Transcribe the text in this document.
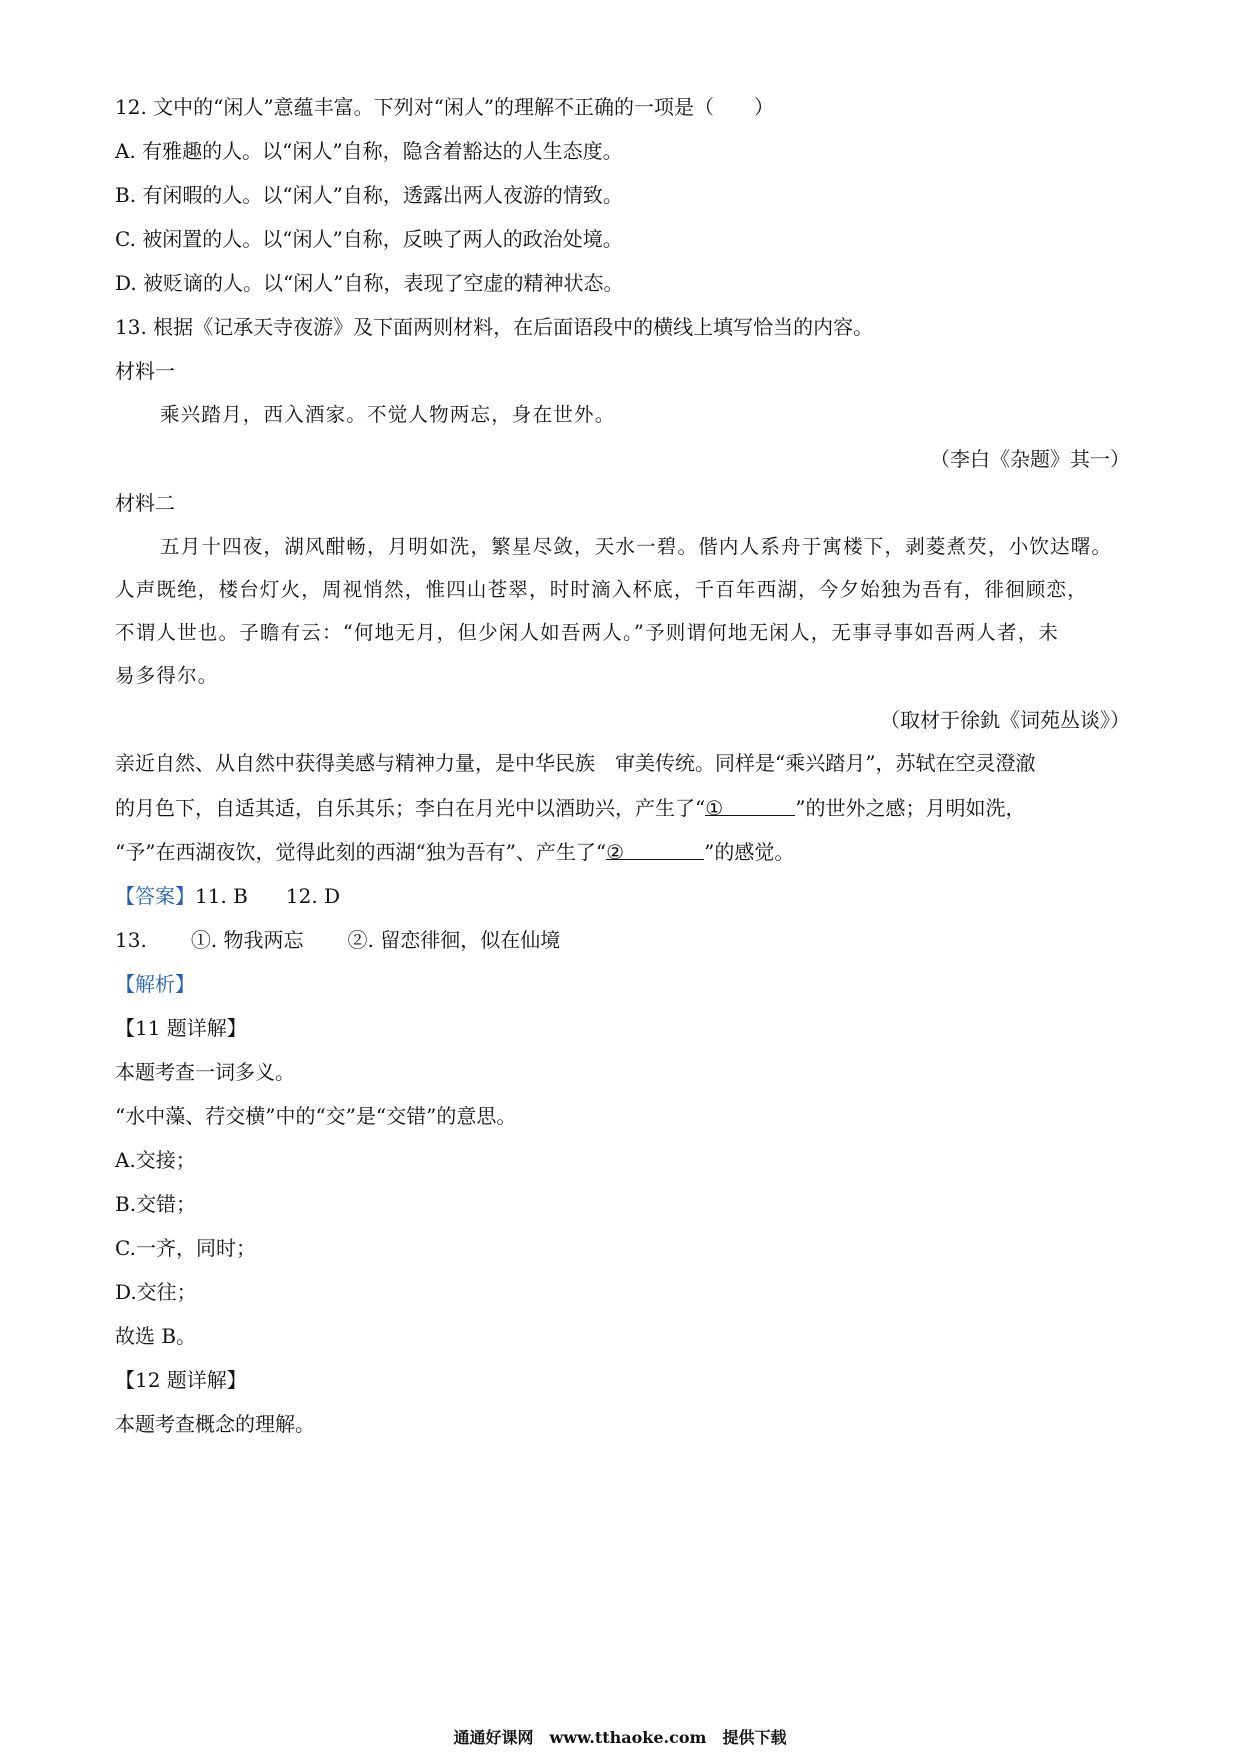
12. 文中的“闲人”意蕴丰富。下列对“闲人”的理解不正确的一项是（　　）
A. 有雅趣的人。以“闲人”自称，隐含着豁达的人生态度。
B. 有闲暇的人。以“闲人”自称，透露出两人夜游的情致。
C. 被闲置的人。以“闲人”自称，反映了两人的政治处境。
D. 被贬谪的人。以“闲人”自称，表现了空虚的精神状态。
13. 根据《记承天寺夜游》及下面两则材料，在后面语段中的横线上填写恰当的内容。
材料一
乘兴踏月，西入酒家。不觉人物两忘，身在世外。
（李白《杂题》其一）
材料二
五月十四夜，湖风酣畅，月明如洗，繁星尽敛，天水一碧。偕内人系舟于寓楼下，剥菱煮芡，小饮达曙。
人声既绝，楼台灯火，周视悄然，惟四山苍翠，时时滴入杯底，千百年西湖，今夕始独为吾有，徘徊顾恋，
不谓人世也。子瞻有云：“何地无月，但少闲人如吾两人。”予则谓何地无闲人，无事寻事如吾两人者，未
易多得尔。
（取材于徐釚《词苑丛谈》）
亲近自然、从自然中获得美感与精神力量，是中华民族　审美传统。同样是“乘兴踏月”，苏轼在空灵澄澈
的月色下，自适其适，自乐其乐；李白在月光中以酒助兴，产生了“①	”的世外之感；月明如洗，
“予”在西湖夜饮，觉得此刻的西湖“独为吾有”、产生了“②	”的感觉。
【答案】11. B 12. D
13. ①. 物我两忘 ②. 留恋徘徊，似在仙境
【解析】
【11 题详解】
本题考查一词多义。
“水中藻、荇交横”中的“交”是“交错”的意思。
A.交接；
B.交错；
C.一齐，同时；
D.交往；
故选 B。
【12 题详解】
本题考查概念的理解。
通通好课网　www.tthaoke.com　提供下载
